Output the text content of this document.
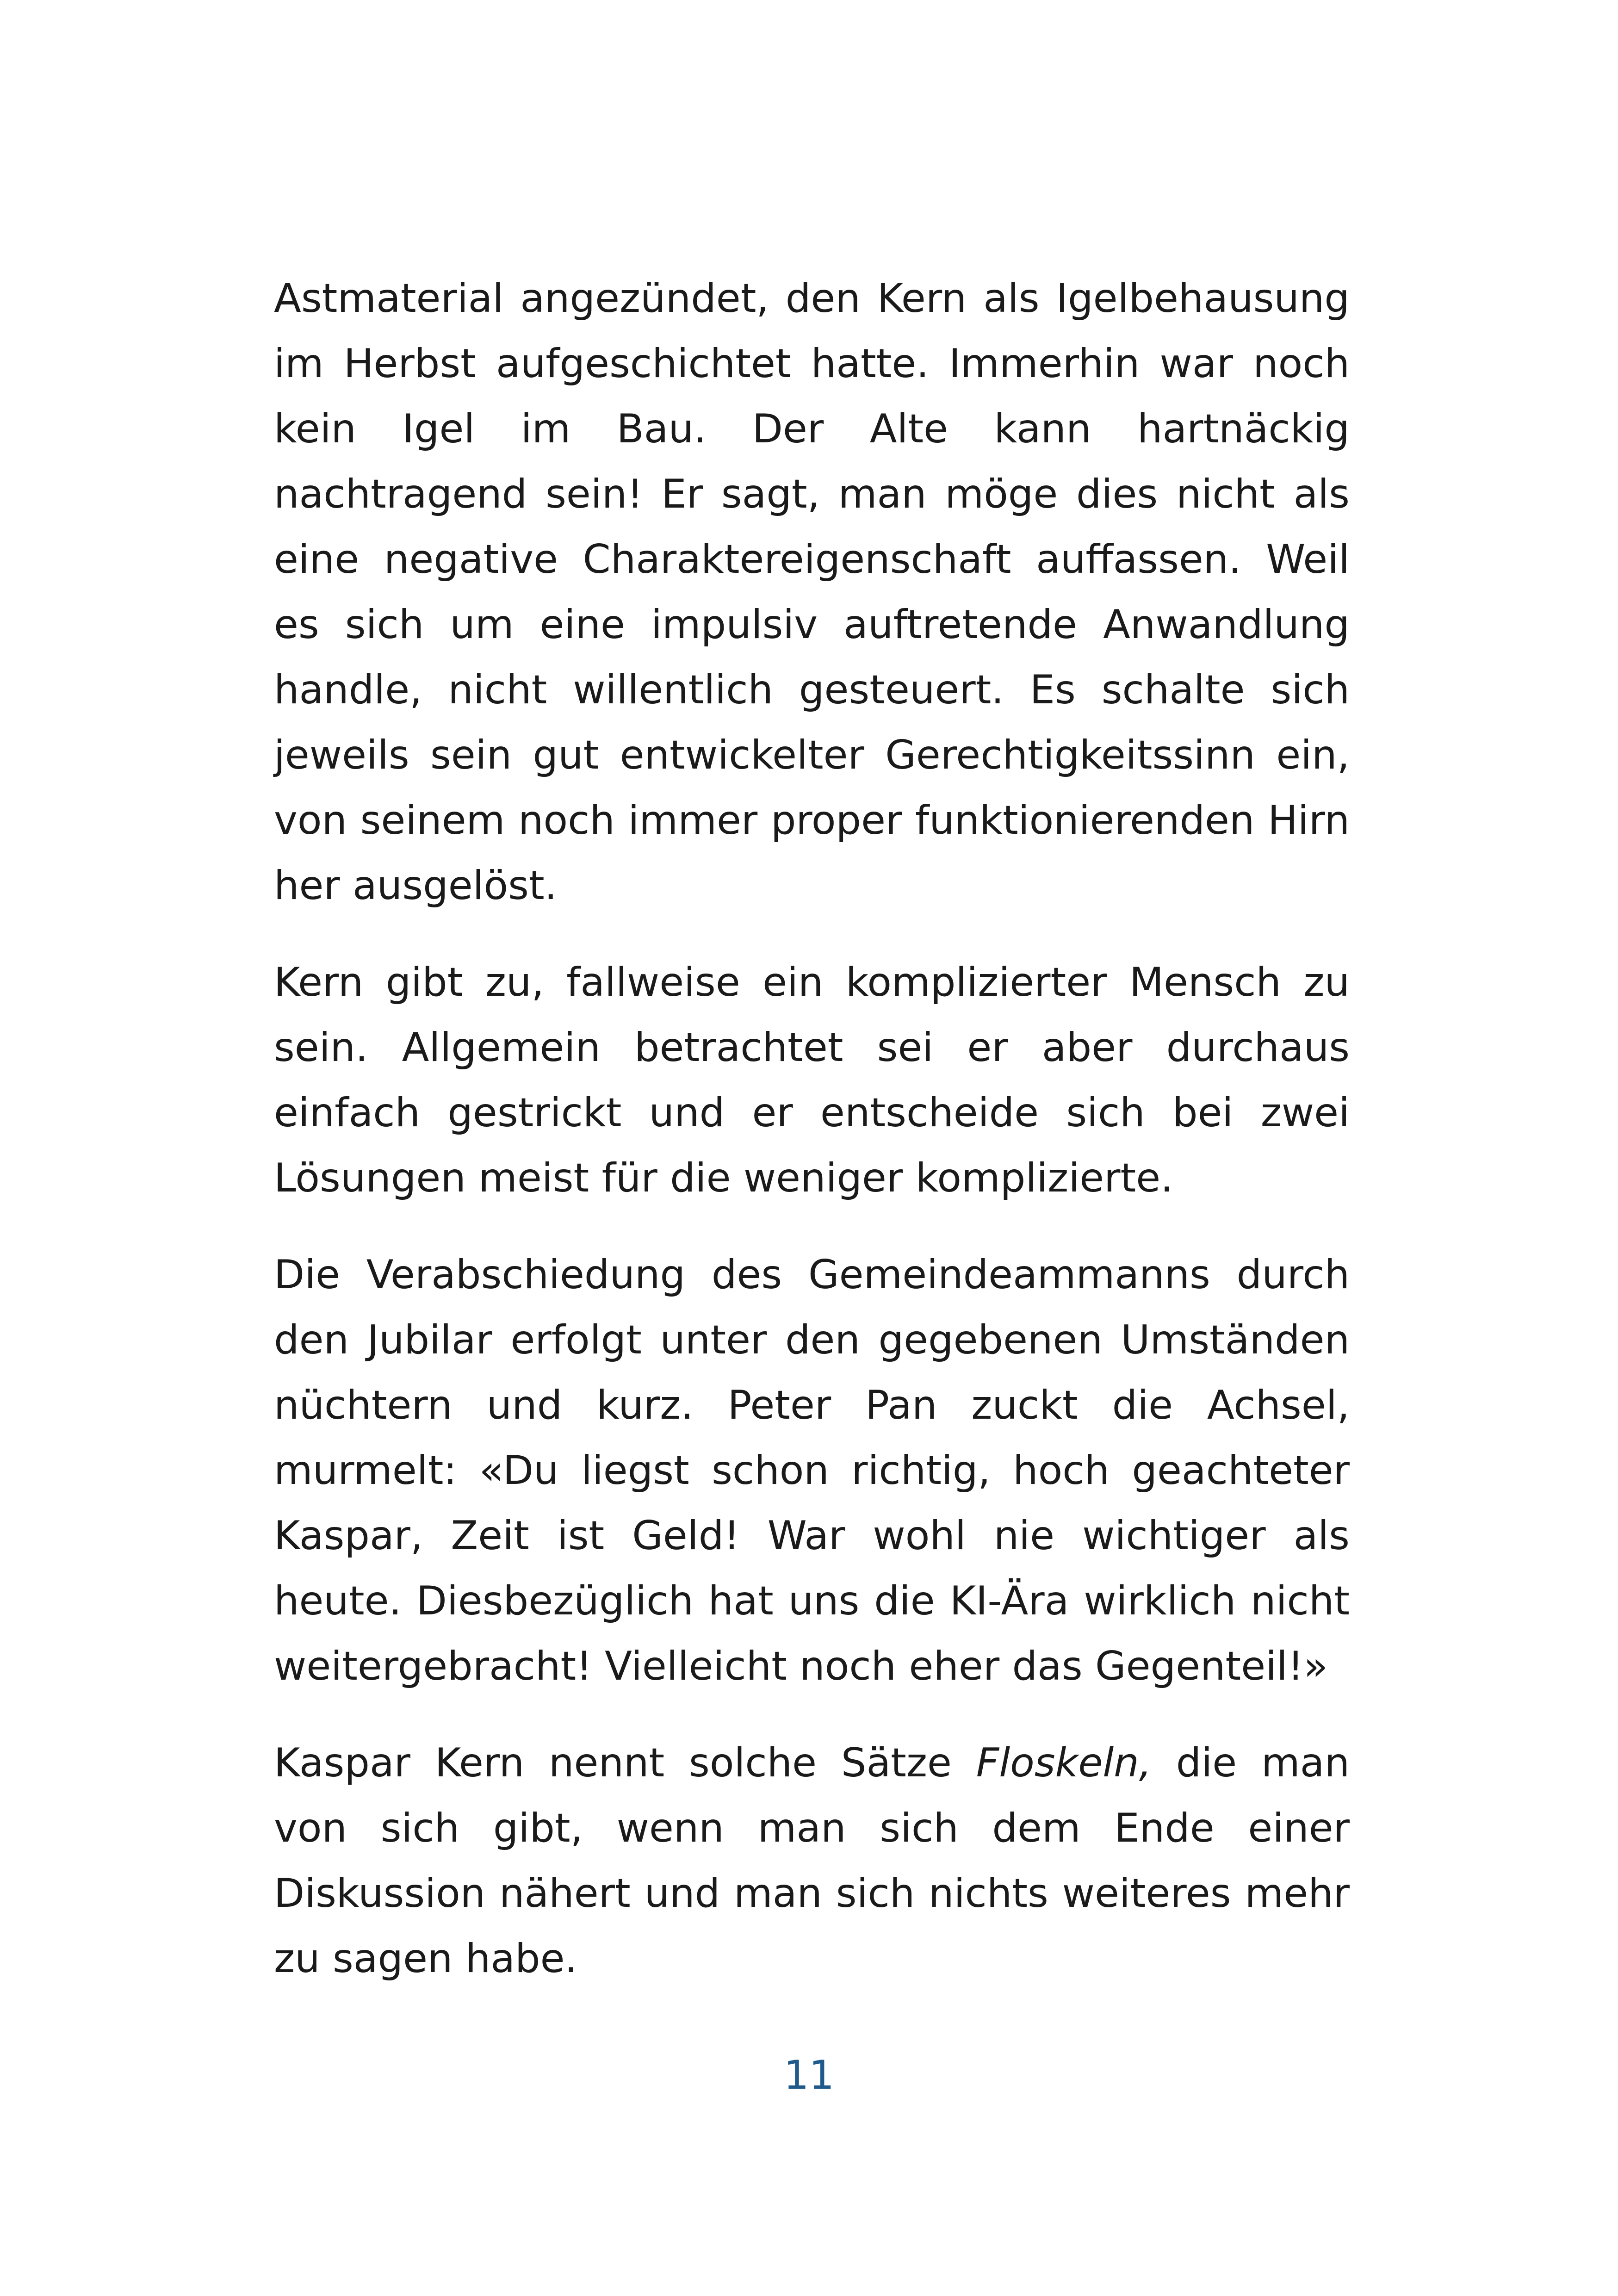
Astmaterial angezündet, den Kern als Igelbehausung im Herbst aufgeschichtet hatte. Immerhin war noch kein Igel im Bau. Der Alte kann hartnäckig nachtragend sein! Er sagt, man möge dies nicht als eine negative Charaktereigenschaft auffassen. Weil es sich um eine impulsiv auftretende Anwandlung handle, nicht willentlich gesteuert. Es schalte sich jeweils sein gut entwickelter Gerechtigkeitssinn ein, von seinem noch immer proper funktionierenden Hirn her ausgelöst.

Kern gibt zu, fallweise ein komplizierter Mensch zu sein. Allgemein betrachtet sei er aber durchaus einfach gestrickt und er entscheide sich bei zwei Lösungen meist für die weniger komplizierte.

Die Verabschiedung des Gemeindeammanns durch den Jubilar erfolgt unter den gegebenen Umständen nüchtern und kurz. Peter Pan zuckt die Achsel, murmelt: «Du liegst schon richtig, hoch geachteter Kaspar, Zeit ist Geld! War wohl nie wichtiger als heute. Diesbezüglich hat uns die KI-Ära wirklich nicht weitergebracht! Vielleicht noch eher das Gegenteil!»

Kaspar Kern nennt solche Sätze Floskeln, die man von sich gibt, wenn man sich dem Ende einer Diskussion nähert und man sich nichts weiteres mehr zu sagen habe.

11
